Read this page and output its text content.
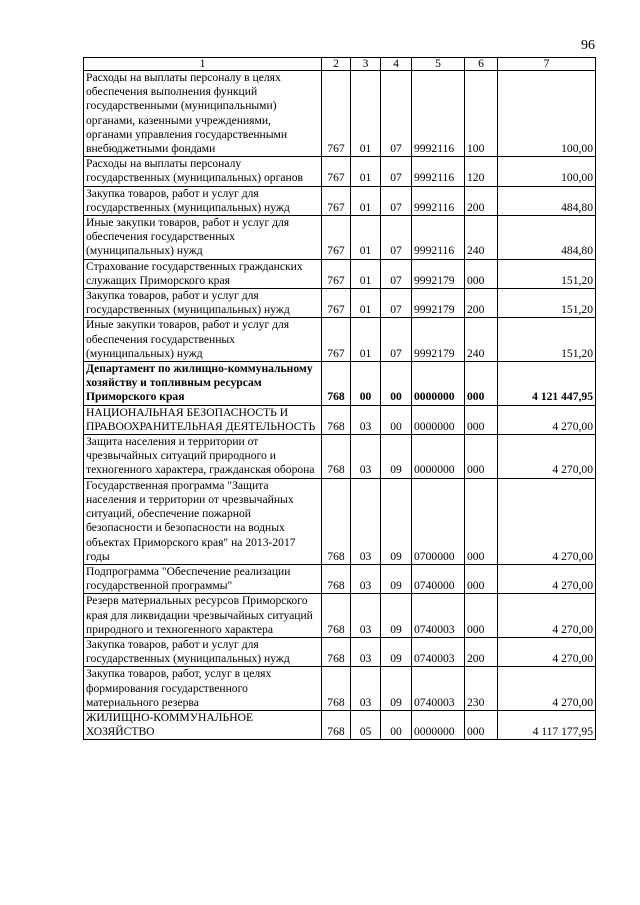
96
1	2	3	4	5	6	7
Расходы на выплаты персоналу в целях обеспечения выполнения функций государственными (муниципальными) органами, казенными учреждениями, органами управления государственными внебюджетными фондами	767	01	07	9992116	100	100,00
Расходы на выплаты персоналу государственных (муниципальных) органов	767	01	07	9992116	120	100,00
Закупка товаров, работ и услуг для государственных (муниципальных) нужд	767	01	07	9992116	200	484,80
Иные закупки товаров, работ и услуг для обеспечения государственных (муниципальных) нужд	767	01	07	9992116	240	484,80
Страхование государственных гражданских служащих Приморского края	767	01	07	9992179	000	151,20
Закупка товаров, работ и услуг для государственных (муниципальных) нужд	767	01	07	9992179	200	151,20
Иные закупки товаров, работ и услуг для обеспечения государственных (муниципальных) нужд	767	01	07	9992179	240	151,20
Департамент по жилищно-коммунальному хозяйству и топливным ресурсам Приморского края	768	00	00	0000000	000	4 121 447,95
НАЦИОНАЛЬНАЯ БЕЗОПАСНОСТЬ И ПРАВООХРАНИТЕЛЬНАЯ ДЕЯТЕЛЬНОСТЬ	768	03	00	0000000	000	4 270,00
Защита населения и территории от чрезвычайных ситуаций природного и техногенного характера, гражданская оборона	768	03	09	0000000	000	4 270,00
Государственная программа "Защита населения и территории от чрезвычайных ситуаций, обеспечение пожарной безопасности и безопасности на водных объектах Приморского края" на 2013-2017 годы	768	03	09	0700000	000	4 270,00
Подпрограмма "Обеспечение реализации государственной программы"	768	03	09	0740000	000	4 270,00
Резерв материальных ресурсов Приморского края для ликвидации чрезвычайных ситуаций природного и техногенного характера	768	03	09	0740003	000	4 270,00
Закупка товаров, работ и услуг для государственных (муниципальных) нужд	768	03	09	0740003	200	4 270,00
Закупка товаров, работ, услуг в целях формирования государственного материального резерва	768	03	09	0740003	230	4 270,00
ЖИЛИЩНО-КОММУНАЛЬНОЕ ХОЗЯЙСТВО	768	05	00	0000000	000	4 117 177,95
